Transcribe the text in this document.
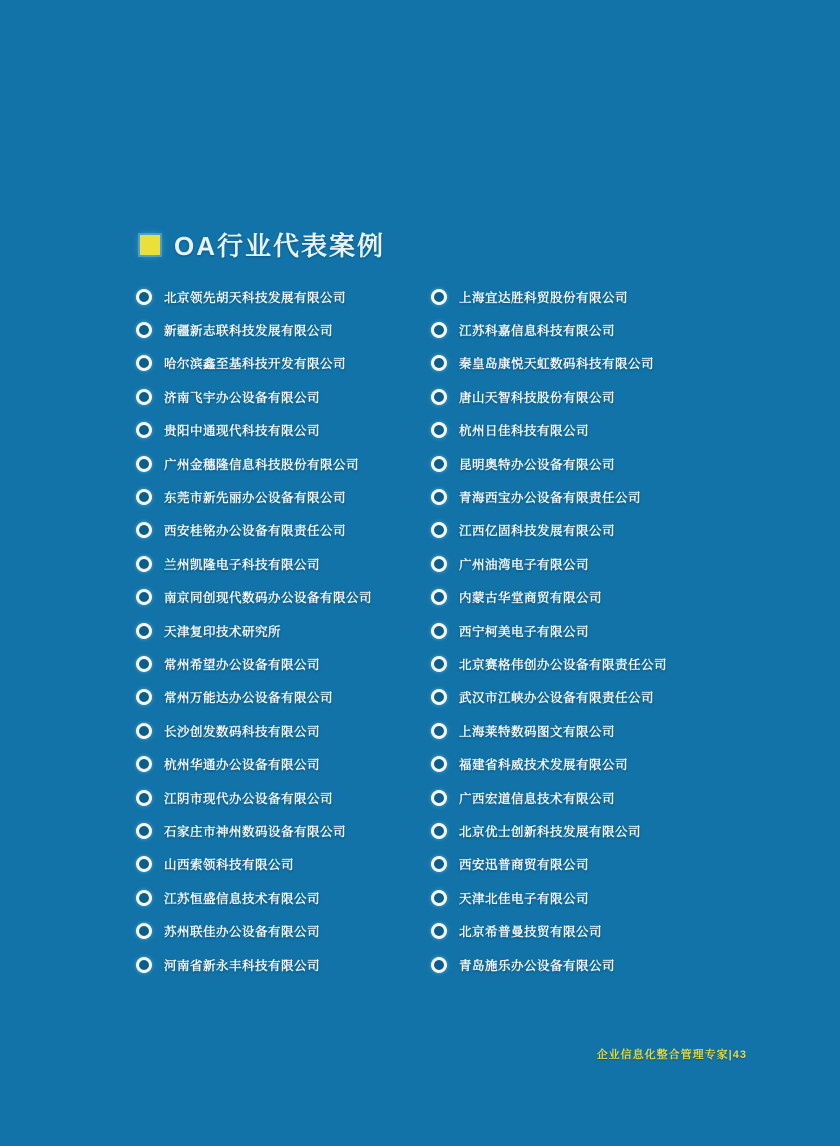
OA行业代表案例
北京领先胡天科技发展有限公司
新疆新志联科技发展有限公司
哈尔滨鑫至基科技开发有限公司
济南飞宇办公设备有限公司
贵阳中通现代科技有限公司
广州金穗隆信息科技股份有限公司
东莞市新先丽办公设备有限公司
西安桂铭办公设备有限责任公司
兰州凯隆电子科技有限公司
南京同创现代数码办公设备有限公司
天津复印技术研究所
常州希望办公设备有限公司
常州万能达办公设备有限公司
长沙创发数码科技有限公司
杭州华通办公设备有限公司
江阴市现代办公设备有限公司
石家庄市神州数码设备有限公司
山西索领科技有限公司
江苏恒盛信息技术有限公司
苏州联佳办公设备有限公司
河南省新永丰科技有限公司
上海宜达胜科贸股份有限公司
江苏科嘉信息科技有限公司
秦皇岛康悦天虹数码科技有限公司
唐山天智科技股份有限公司
杭州日佳科技有限公司
昆明奥特办公设备有限公司
青海西宝办公设备有限责任公司
江西亿固科技发展有限公司
广州油湾电子有限公司
内蒙古华堂商贸有限公司
西宁柯美电子有限公司
北京赛格伟创办公设备有限责任公司
武汉市江峡办公设备有限责任公司
上海莱特数码图文有限公司
福建省科威技术发展有限公司
广西宏道信息技术有限公司
北京优士创新科技发展有限公司
西安迅普商贸有限公司
天津北佳电子有限公司
北京希普曼技贸有限公司
青岛施乐办公设备有限公司
企业信息化整合管理专家|43
